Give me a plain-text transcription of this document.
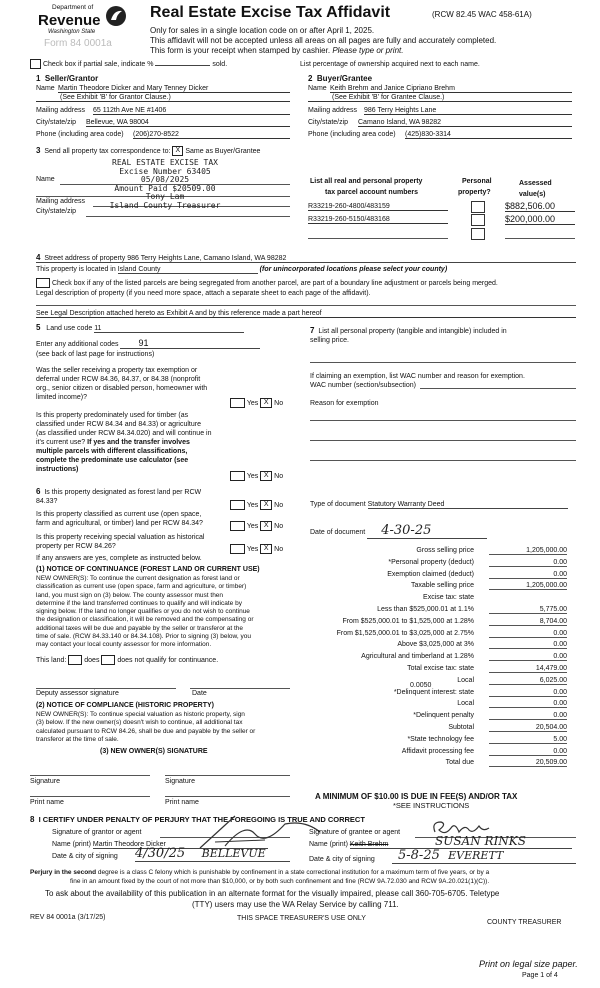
Department of
Revenue
Washington State
Form 84 0001a
Real Estate Excise Tax Affidavit	(RCW 82.45 WAC 458-61A)
Only for sales in a single location code on or after April 1, 2025.
This affidavit will not be accepted unless all areas on all pages are fully and accurately completed.
This form is your receipt when stamped by cashier. Please type or print.
Check box if partial sale, indicate %	sold.	List percentage of ownership acquired next to each name.
1 Seller/Grantor
Name Martin Theodore Dicker and Mary Tenney Dicker
(See Exhibit 'B' for Grantor Clause.)
Mailing address 65 112th Ave NE #1406
City/state/zip Bellevue, WA 98004
Phone (including area code) (206)270-8522
2 Buyer/Grantee
Name Keith Brehm and Janice Cipriano Brehm
(See Exhibit 'B' for Grantee Clause.)
Mailing address 986 Terry Heights Lane
City/state/zip Camano Island, WA 98282
Phone (including area code) (425)830-3314
3 Send all property tax correspondence to: X Same as Buyer/Grantee
Name
Mailing address
City/state/zip
REAL ESTATE EXCISE TAX
Excise Number 63405
05/08/2025
Amount Paid $20509.00
Tony Lam
Island County Treasurer
List all real and personal property
tax parcel account numbers
Personal
property?
Assessed
value(s)
R33219-260-4800/483159	$882,506.00
R33219-260-5150/483168	$200,000.00
4 Street address of property 986 Terry Heights Lane, Camano Island, WA 98282
This property is located in Island County	(for unincorporated locations please select your county)
Check box if any of the listed parcels are being segregated from another parcel, are part of a boundary line adjustment or parcels being merged.
Legal description of property (if you need more space, attach a separate sheet to each page of the affidavit).
See Legal Description attached hereto as Exhibit A and by this reference made a part hereof
5 Land use code 11
Enter any additional codes 91
(see back of last page for instructions)
Was the seller receiving a property tax exemption or
deferral under RCW 84.36, 84.37, or 84.38 (nonprofit
org., senior citizen or disabled person, homeowner with
limited income)?
Yes X No
Is this property predominately used for timber (as
classified under RCW 84.34 and 84.33) or agriculture
(as classified under RCW 84.34.020) and will continue in
it's current use? If yes and the transfer involves
multiple parcels with different classifications,
complete the predominate use calculator (see
instructions)
Yes X No
6 Is this property designated as forest land per RCW
84.33?
Yes X No
Is this property classified as current use (open space,
farm and agricultural, or timber) land per RCW 84.34?	Yes X No
Is this property receiving special valuation as historical
property per RCW 84.26?	Yes X No
If any answers are yes, complete as instructed below.
(1) NOTICE OF CONTINUANCE (FOREST LAND OR CURRENT USE)
NEW OWNER(S): To continue the current designation as forest land or
classification as current use (open space, farm and agriculture, or timber)
land, you must sign on (3) below. The county assessor must then
determine if the land transferred continues to qualify and will indicate by
signing below. If the land no longer qualifies or you do not wish to continue
the designation or classification, it will be removed and the compensating or
additional taxes will be due and payable by the seller or transferor at the
time of sale. (RCW 84.33.140 or 84.34.108). Prior to signing (3) below, you
may contact your local county assessor for more information.
This land:	does	does not qualify for continuance.
Deputy assessor signature	Date
(2) NOTICE OF COMPLIANCE (HISTORIC PROPERTY)
NEW OWNER(S): To continue special valuation as historic property, sign
(3) below. If the new owner(s) doesn't wish to continue, all additional tax
calculated pursuant to RCW 84.26, shall be due and payable by the seller or
transferor at the time of sale.
(3) NEW OWNER(S) SIGNATURE
Signature	Signature
Print name	Print name
7 List all personal property (tangible and intangible) included in
selling price.
If claiming an exemption, list WAC number and reason for exemption.
WAC number (section/subsection)
Reason for exemption
Type of document Statutory Warranty Deed
Date of document 4-30-25
Gross selling price	1,205,000.00
*Personal property (deduct)	0.00
Exemption claimed (deduct)	0.00
Taxable selling price	1,205,000.00
Excise tax: state
Less than $525,000.01 at 1.1%	5,775.00
From $525,000.01 to $1,525,000 at 1.28%	8,704.00
From $1,525,000.01 to $3,025,000 at 2.75%	0.00
Above $3,025,000 at 3%	0.00
Agricultural and timberland at 1.28%	0.00
Total excise tax: state	14,479.00
Local	6,025.00
*Delinquent interest: state	0.00
Local	0.00
*Delinquent penalty	0.00
Subtotal	20,504.00
*State technology fee	5.00
Affidavit processing fee	0.00
Total due	20,509.00
0.0050
A MINIMUM OF $10.00 IS DUE IN FEE(S) AND/OR TAX
*SEE INSTRUCTIONS
8 I CERTIFY UNDER PENALTY OF PERJURY THAT THE FOREGOING IS TRUE AND CORRECT
Signature of grantor or agent
Name (print) Martin Theodore Dicker
Date & city of signing 4/30/25 BELLEVUE
Signature of grantee or agent
Name (print) Keith Brehm	SUSAN RINKS
Date & city of signing	5-8-25 EVERETT
Perjury in the second degree is a class C felony which is punishable by confinement in a state correctional institution for a maximum term of five years, or by a
fine in an amount fixed by the court of not more than $10,000, or by both such confinement and fine (RCW 9A.72.030 and RCW 9A.20.021(1)(C)).
To ask about the availability of this publication in an alternate format for the visually impaired, please call 360-705-6705. Teletype
(TTY) users may use the WA Relay Service by calling 711.
REV 84 0001a (3/17/25)	THIS SPACE TREASURER'S USE ONLY
COUNTY TREASURER
Print on legal size paper.
Page 1 of 4
